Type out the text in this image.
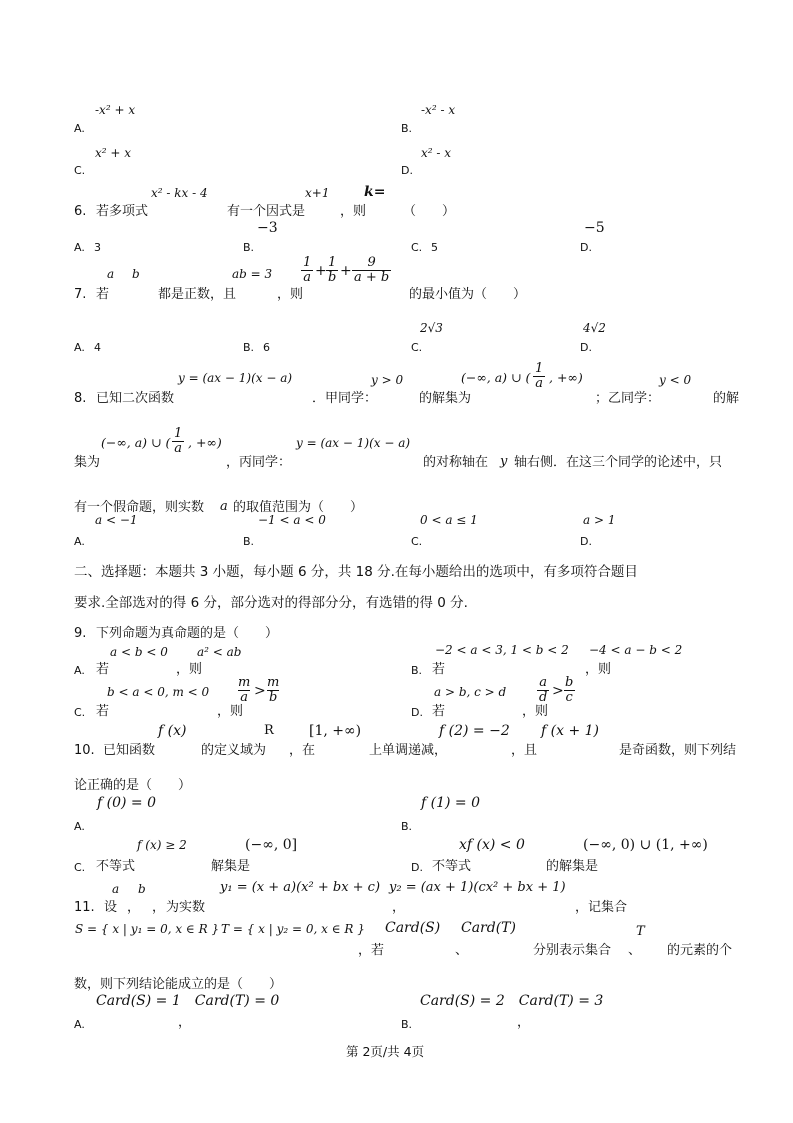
-x² + x
A.
-x² - x
B.
x² + x
C.
x² - x
D.
x² - kx - 4	x+1 k=
6. 若多项式	有一个因式是	，则	（　　）
−3	−5
A. 3	B.	C. 5	D.
a b	ab = $3 \frac{1}{a} + \frac{1}{b} + \frac{9}{a + b}$
7. 若	都是正数，且	，则	的最小值为（　　）
2√3	4√2
A. 4	B. 6	C.	D.
y = (ax − 1)(x − a)	y > 0	(−∞, a) ∪ ( $\frac{1}{a}$ , +∞)	y < 0
8. 已知二次函数	．甲同学：	的解集为	；乙同学：	的解
(−∞, a) ∪ ( $\frac{1}{a}$ , +∞)	y = (ax − 1)(x − a)
集为	，丙同学：	的对称轴在 y 轴右侧．在这三个同学的论述中，只
有一个假命题，则实数 a 的取值范围为（　　）
a < −1	−1 < a < 0	0 < a ≤ 1	a > 1
A.	B.	C.	D.
二、选择题：本题共 3 小题，每小题 6 分，共 18 分.在每小题给出的选项中，有多项符合题目
要求.全部选对的得 6 分，部分选对的得部分分，有选错的得 0 分.
9. 下列命题为真命题的是（　　）
a < b < 0 a² < ab	−2 < a < 3, 1 < b < 2 −4 < a − b < 2
A. 若	，则	B. 若	，则
b < a < 0, $m < 0 \frac{m}{a} > \frac{m}{b}$	a > b, c > d $\frac{a}{d} > \frac{b}{c}$
C. 若	，则	D. 若	，则
f (x)	R	[1, +∞)	f (2) = −2 f (x + 1)
10. 已知函数	的定义域为 ，在	上单调递减，	，且	是奇函数，则下列结
论正确的是（　　）
f (0) = 0	f (1) = 0
A.	B.
f (x) ≥ 2	(−∞, 0]	xf (x) < 0	(−∞, 0) ∪ (1, +∞)
C. 不等式	解集是	D. 不等式	的解集是
a b	y₁ = (x + a)(x² + bx + c) y₂ = (ax + 1)(cx² + bx + 1)
11. 设 ， ， 为实数	，	，记集合
S = { x | y₁ = 0, x ∈ R } T = { x | y₂ = 0, x ∈ R } Card(S) Card(T)	T
，若	、	分别表示集合 、 的元素的个
数，则下列结论能成立的是（　　）
Card(S) = 1　Card(T) = 0	Card(S) = 2　Card(T) = 3
A.	，	B.	，
第 2页/共 4页
